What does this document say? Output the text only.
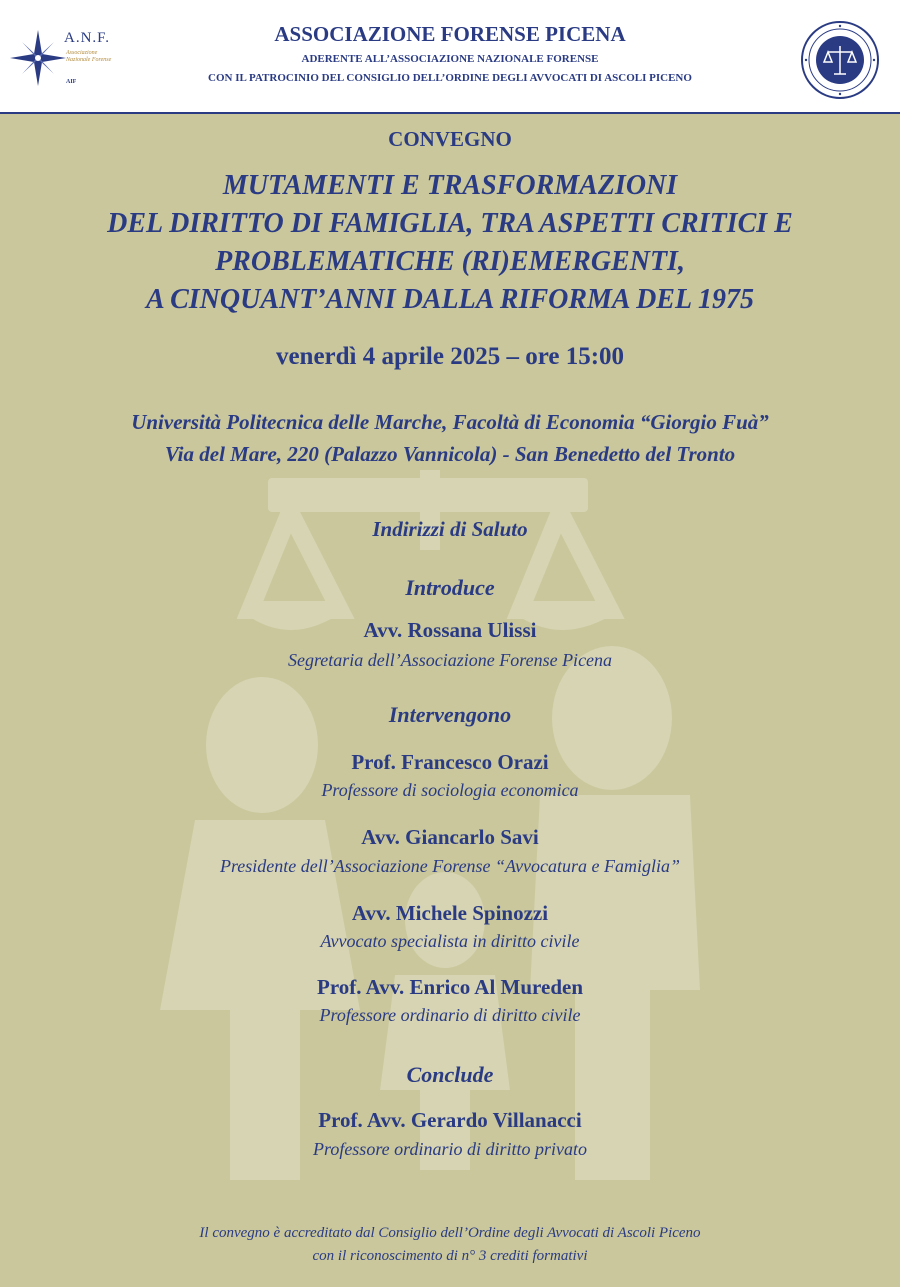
A.N.F.
Associazione Nazionale Forense
AIF
ASSOCIAZIONE FORENSE PICENA
ADERENTE ALL’ASSOCIAZIONE NAZIONALE FORENSE
CON IL PATROCINIO DEL CONSIGLIO DELL’ORDINE DEGLI AVVOCATI DI ASCOLI PICENO
CONVEGNO
MUTAMENTI E TRASFORMAZIONI
DEL DIRITTO DI FAMIGLIA, TRA ASPETTI CRITICI E
PROBLEMATICHE (RI)EMERGENTI,
A CINQUANT’ANNI DALLA RIFORMA DEL 1975
venerdì 4 aprile 2025 – ore 15:00
Università Politecnica delle Marche, Facoltà di Economia “Giorgio Fuà”
Via del Mare, 220 (Palazzo Vannicola) - San Benedetto del Tronto
Indirizzi di Saluto
Introduce
Avv. Rossana Ulissi
Segretaria dell’Associazione Forense Picena
Intervengono
Prof. Francesco Orazi
Professore di sociologia economica
Avv. Giancarlo Savi
Presidente dell’Associazione Forense “Avvocatura e Famiglia”
Avv. Michele Spinozzi
Avvocato specialista in diritto civile
Prof. Avv. Enrico Al Mureden
Professore ordinario di diritto civile
Conclude
Prof. Avv. Gerardo Villanacci
Professore ordinario di diritto privato
Il convegno è accreditato dal Consiglio dell’Ordine degli Avvocati di Ascoli Piceno
con il riconoscimento di n° 3 crediti formativi
